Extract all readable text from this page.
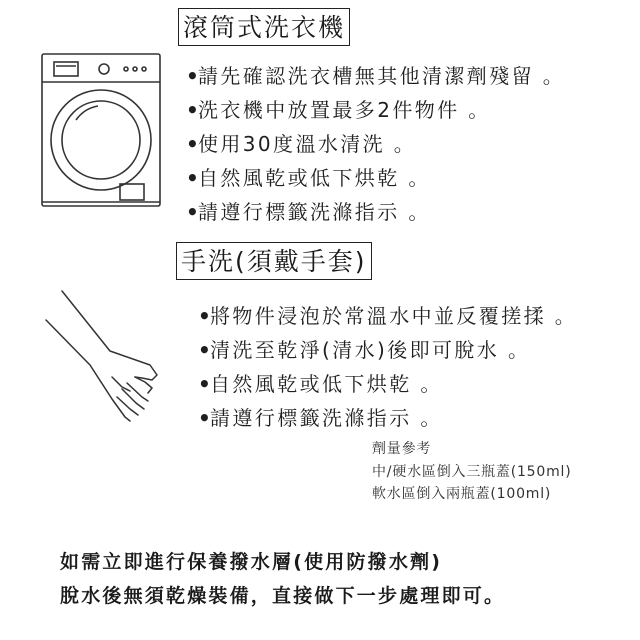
滾筒式洗衣機
•請先確認洗衣槽無其他清潔劑殘留 。
•洗衣機中放置最多2件物件 。
•使用30度溫水清洗 。
•自然風乾或低下烘乾 。
•請遵行標籤洗滌指示 。
手洗(須戴手套)
•將物件浸泡於常溫水中並反覆搓揉 。
•清洗至乾淨(清水)後即可脫水 。
•自然風乾或低下烘乾 。
•請遵行標籤洗滌指示 。
劑量參考
中/硬水區倒入三瓶蓋(150ml)
軟水區倒入兩瓶蓋(100ml)
如需立即進行保養撥水層(使用防撥水劑)
脫水後無須乾燥裝備，直接做下一步處理即可。
